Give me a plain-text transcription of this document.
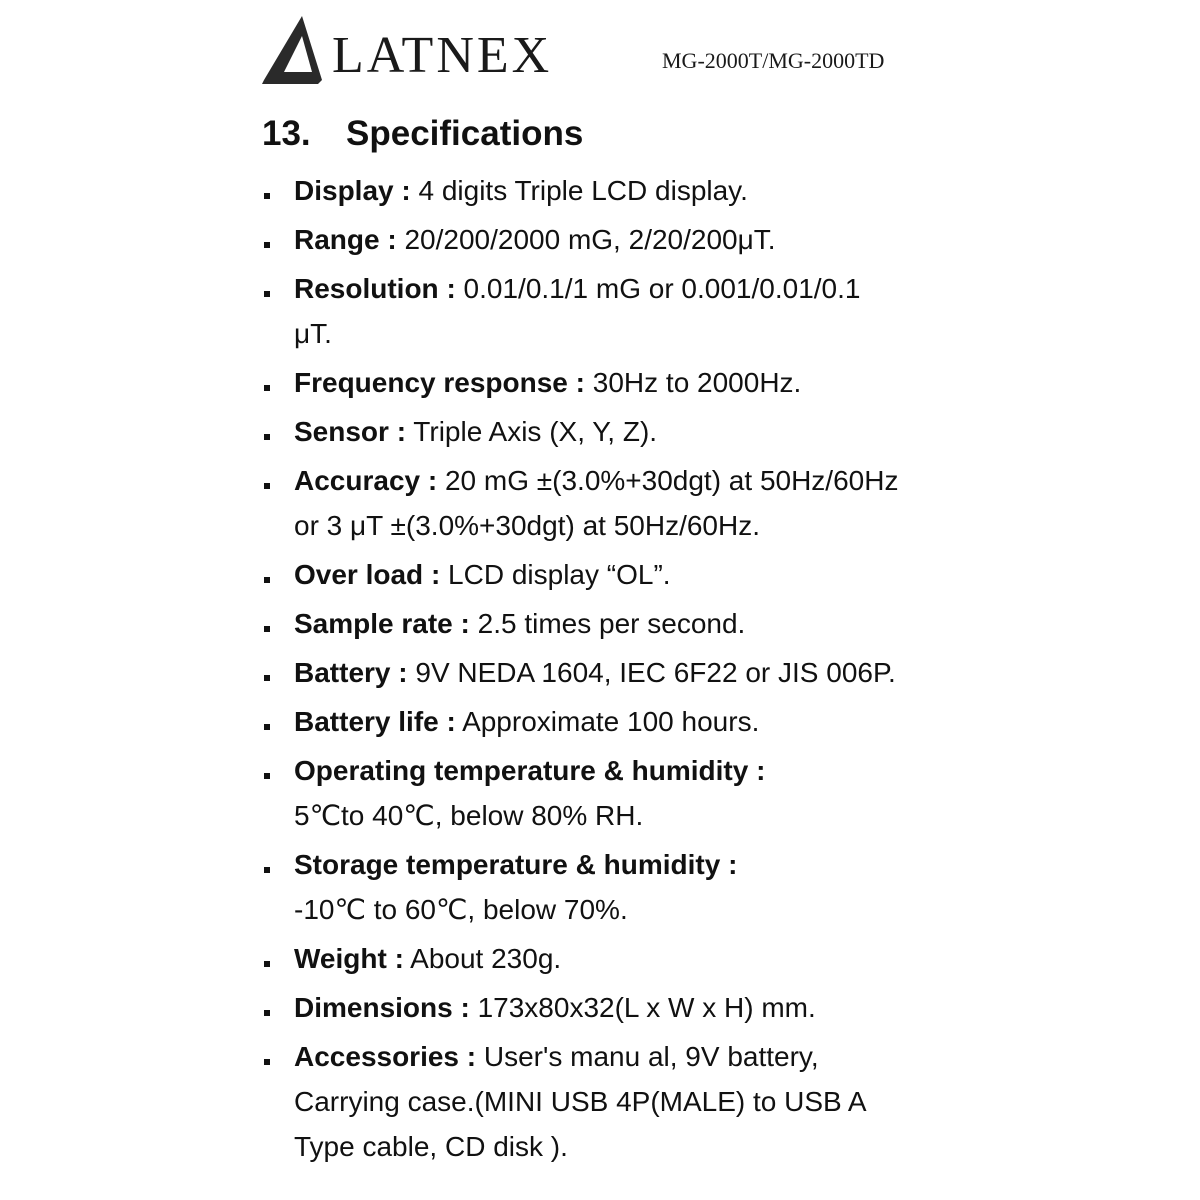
LATNEX	MG-2000T/MG-2000TD
13. Specifications
Display : 4 digits Triple LCD display.
Range : 20/200/2000 mG, 2/20/200μT.
Resolution : 0.01/0.1/1 mG or 0.001/0.01/0.1
μT.
Frequency response : 30Hz to 2000Hz.
Sensor : Triple Axis (X, Y, Z).
Accuracy : 20 mG ±(3.0%+30dgt) at 50Hz/60Hz
or 3 μT ±(3.0%+30dgt) at 50Hz/60Hz.
Over load : LCD display “OL”.
Sample rate : 2.5 times per second.
Battery : 9V NEDA 1604, IEC 6F22 or JIS 006P.
Battery life : Approximate 100 hours.
Operating temperature & humidity :
5℃to 40℃, below 80% RH.
Storage temperature & humidity :
-10℃ to 60℃, below 70%.
Weight : About 230g.
Dimensions : 173x80x32(L x W x H) mm.
Accessories : User's manu al, 9V battery,
Carrying case.(MINI USB 4P(MALE) to USB A
Type cable, CD disk ).
